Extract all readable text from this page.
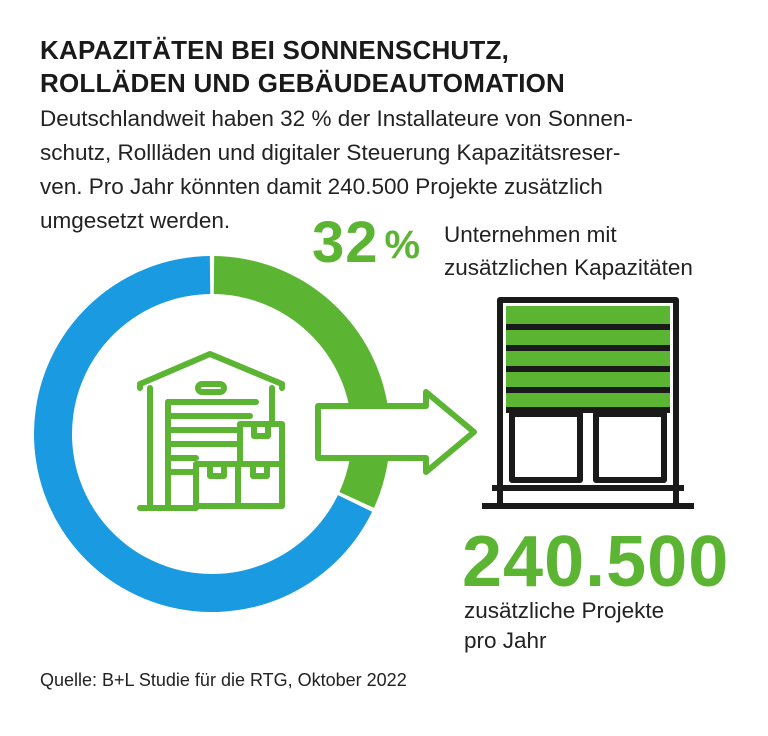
KAPAZITÄTEN BEI SONNENSCHUTZ,
ROLLÄDEN UND GEBÄUDEAUTOMATION
Deutschlandweit haben 32 % der Installateure von Sonnen-
schutz, Rollläden und digitaler Steuerung Kapazitätsreser-
ven. Pro Jahr könnten damit 240.500 Projekte zusätzlich
umgesetzt werden.	32 % Unternehmen mit
zusätzlichen Kapazitäten
240.500
zusätzliche Projekte
pro Jahr
Quelle: B+L Studie für die RTG, Oktober 2022
